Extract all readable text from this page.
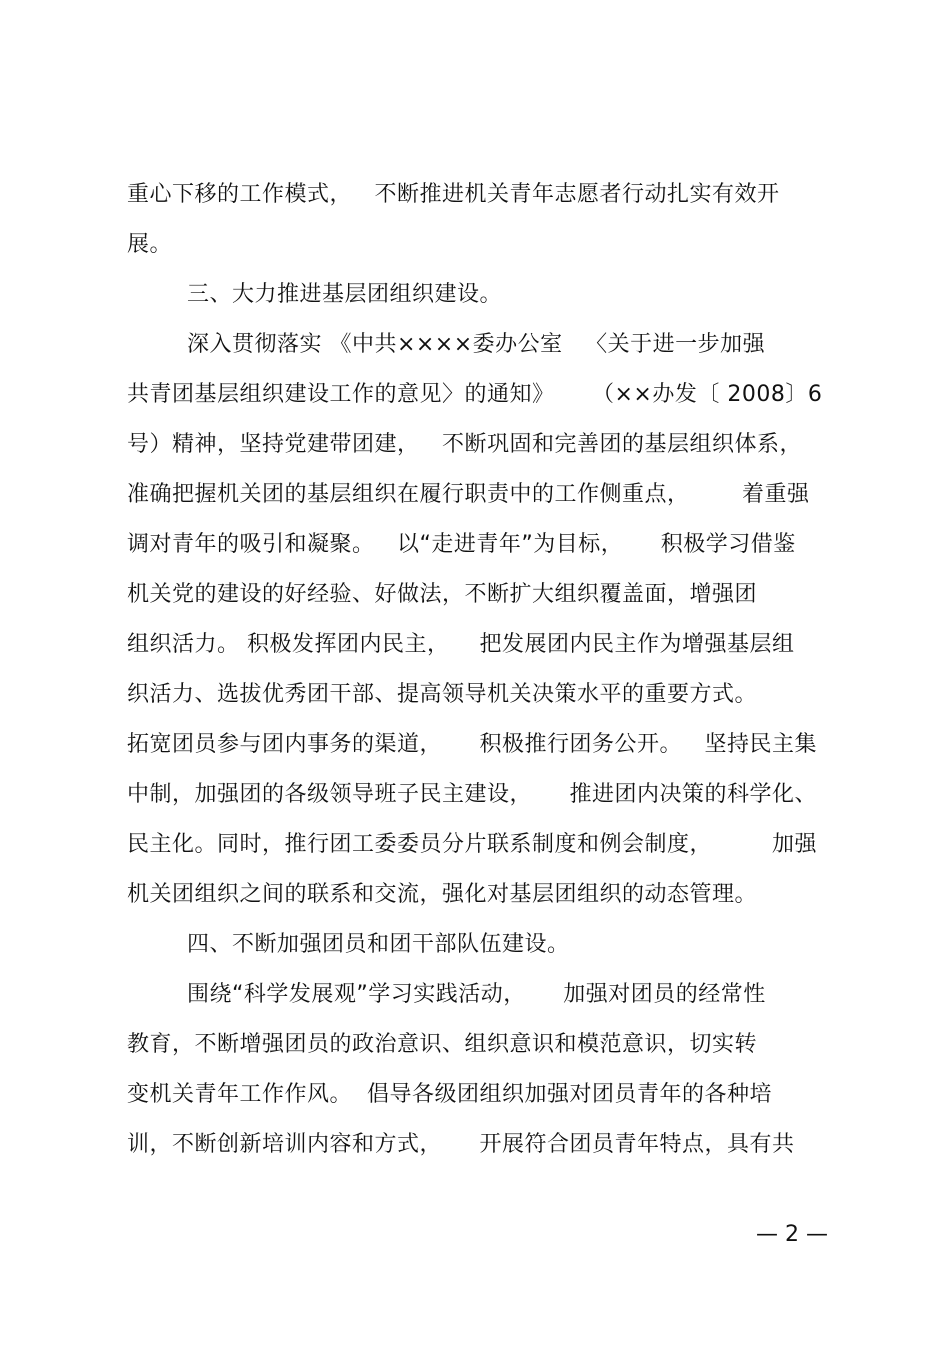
重心下移的工作模式，   不断推进机关青年志愿者行动扎实有效开
展。
三、大力推进基层团组织建设。
深入贯彻落实 《中共××××委办公室   〈关于进一步加强
共青团基层组织建设工作的意见〉的通知》     （××办发〔 2008〕6
号）精神，坚持党建带团建，   不断巩固和完善团的基层组织体系，
准确把握机关团的基层组织在履行职责中的工作侧重点，       着重强
调对青年的吸引和凝聚。   以“走进青年”为目标，     积极学习借鉴
机关党的建设的好经验、好做法，不断扩大组织覆盖面，增强团
组织活力。 积极发挥团内民主，    把发展团内民主作为增强基层组
织活力、选拔优秀团干部、提高领导机关决策水平的重要方式。
拓宽团员参与团内事务的渠道，     积极推行团务公开。   坚持民主集
中制，加强团的各级领导班子民主建设，     推进团内决策的科学化、
民主化。同时，推行团工委委员分片联系制度和例会制度，        加强
机关团组织之间的联系和交流，强化对基层团组织的动态管理。
四、不断加强团员和团干部队伍建设。
围绕“科学发展观”学习实践活动，     加强对团员的经常性
教育，不断增强团员的政治意识、组织意识和模范意识，切实转
变机关青年工作作风。  倡导各级团组织加强对团员青年的各种培
训，不断创新培训内容和方式，     开展符合团员青年特点，具有共
— 2 —
